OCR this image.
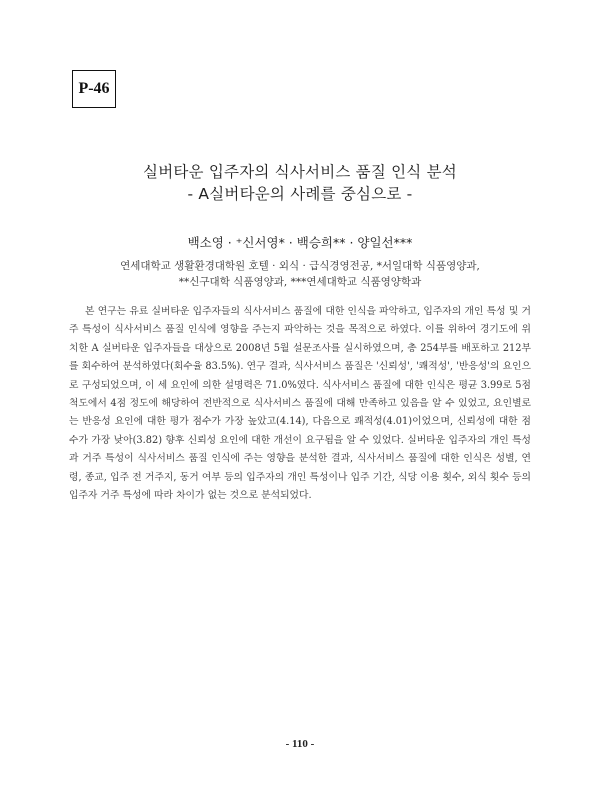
P-46
실버타운 입주자의 식사서비스 품질 인식 분석
- A실버타운의 사례를 중심으로 -
백소영 · ⁺신서영* · 백승희** · 양일선***
연세대학교 생활환경대학원 호텔 · 외식 · 급식경영전공, *서일대학 식품영양과,
**신구대학 식품영양과, ***연세대학교 식품영양학과

본 연구는 유료 실버타운 입주자들의 식사서비스 품질에 대한 인식을 파악하고, 입주자의 개인 특성 및 거주 특성이 식사서비스 품질 인식에 영향을 주는지 파악하는 것을 목적으로 하였다. 이를 위하여 경기도에 위치한 A 실버타운 입주자들을 대상으로 2008년 5월 설문조사를 실시하였으며, 총 254부를 배포하고 212부를 회수하여 분석하였다(회수율 83.5%). 연구 결과, 식사서비스 품질은 '신뢰성', '쾌적성', '반응성'의 요인으로 구성되었으며, 이 세 요인에 의한 설명력은 71.0%였다. 식사서비스 품질에 대한 인식은 평균 3.99로 5점 척도에서 4점 정도에 해당하여 전반적으로 식사서비스 품질에 대해 만족하고 있음을 알 수 있었고, 요인별로는 반응성 요인에 대한 평가 점수가 가장 높았고(4.14), 다음으로 쾌적성(4.01)이었으며, 신뢰성에 대한 점수가 가장 낮아(3.82) 향후 신뢰성 요인에 대한 개선이 요구됨을 알 수 있었다. 실버타운 입주자의 개인 특성과 거주 특성이 식사서비스 품질 인식에 주는 영향을 분석한 결과, 식사서비스 품질에 대한 인식은 성별, 연령, 종교, 입주 전 거주지, 동거 여부 등의 입주자의 개인 특성이나 입주 기간, 식당 이용 횟수, 외식 횟수 등의 입주자 거주 특성에 따라 차이가 없는 것으로 분석되었다.

- 110 -
